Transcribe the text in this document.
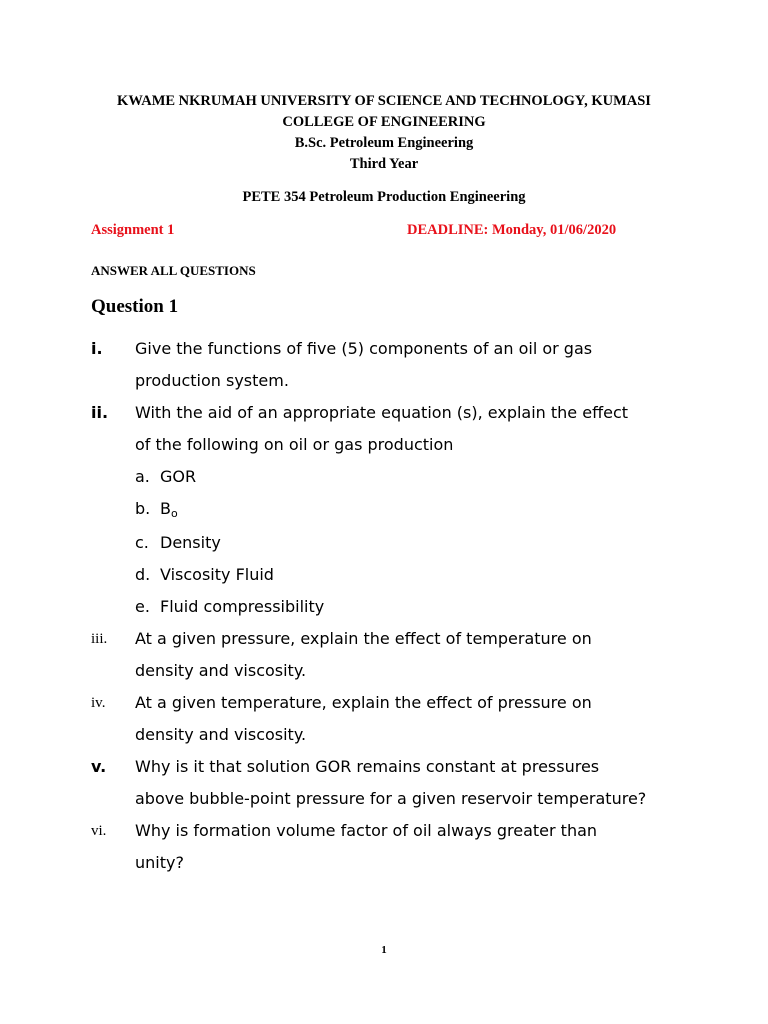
KWAME NKRUMAH UNIVERSITY OF SCIENCE AND TECHNOLOGY, KUMASI
COLLEGE OF ENGINEERING
B.Sc. Petroleum Engineering
Third Year
PETE 354 Petroleum Production Engineering
Assignment 1	DEADLINE: Monday, 01/06/2020
ANSWER ALL QUESTIONS
Question 1
i. Give the functions of five (5) components of an oil or gas
production system.
ii. With the aid of an appropriate equation (s), explain the effect
of the following on oil or gas production
a. GOR
b. Bo
c. Density
d. Viscosity Fluid
e. Fluid compressibility
iii. At a given pressure, explain the effect of temperature on
density and viscosity.
iv. At a given temperature, explain the effect of pressure on
density and viscosity.
v. Why is it that solution GOR remains constant at pressures
above bubble-point pressure for a given reservoir temperature?
vi. Why is formation volume factor of oil always greater than
unity?
1
